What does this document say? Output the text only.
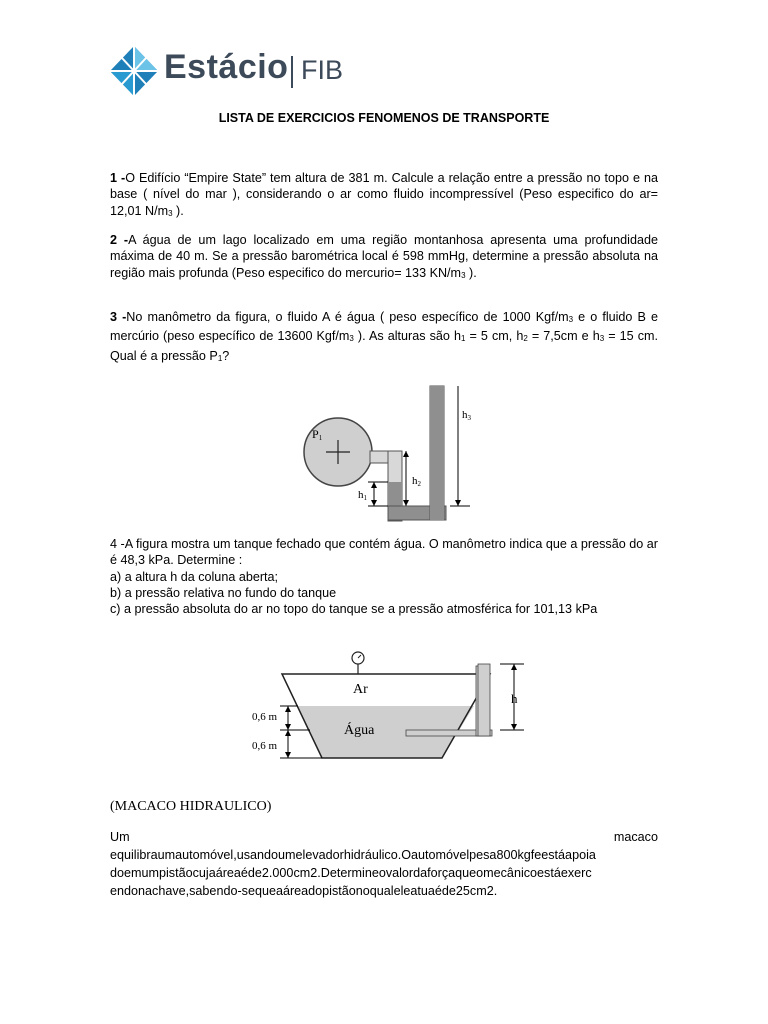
Estácio FIB
LISTA DE EXERCICIOS FENOMENOS DE TRANSPORTE

1 -O Edifício “Empire State” tem altura de 381 m. Calcule a relação entre a pressão no topo e na base ( nível do mar ), considerando o ar como fluido incompressível (Peso especifico do ar= 12,01 $N/m_3$ ).

2 -A água de um lago localizado em uma região montanhosa apresenta uma profundidade máxima de 40 m. Se a pressão barométrica local é 598 mmHg, determine a pressão absoluta na região mais profunda (Peso especifico do mercurio= 133 $KN/m_3$ ).

3 -No manômetro da figura, o fluido A é água ( peso específico de 1000 Kgf/$m_3$ e o fluido B e mercúrio (peso específico de 13600 Kgf/$m_3$ ). As alturas são $h_1 = 5$ cm, $h_2 = 7,5cm$ e $h_3 = 15$ cm. Qual é a pressão $P_1$?

P1
h1
h2
h3

4 -A figura mostra um tanque fechado que contém água. O manômetro indica que a pressão do ar é 48,3 kPa. Determine :
a) a altura h da coluna aberta;
b) a pressão relativa no fundo do tanque
c) a pressão absoluta do ar no topo do tanque se a pressão atmosférica for 101,13 kPa

h
0,6 m
0,6 m
Ar
Água
(MACACO HIDRAULICO)
Um	macaco
equilibraumautomóvel,usandoumelevadorhidráulico.Oautomóvelpesa800kgfeestáapoia
doemumpistãocujaáreaéde2.000cm2.Determineovalordaforçaqueomecânicoestáexerc
endonachave,sabendo-sequeaáreadopistãonoqualeleatuaéde25cm2.
